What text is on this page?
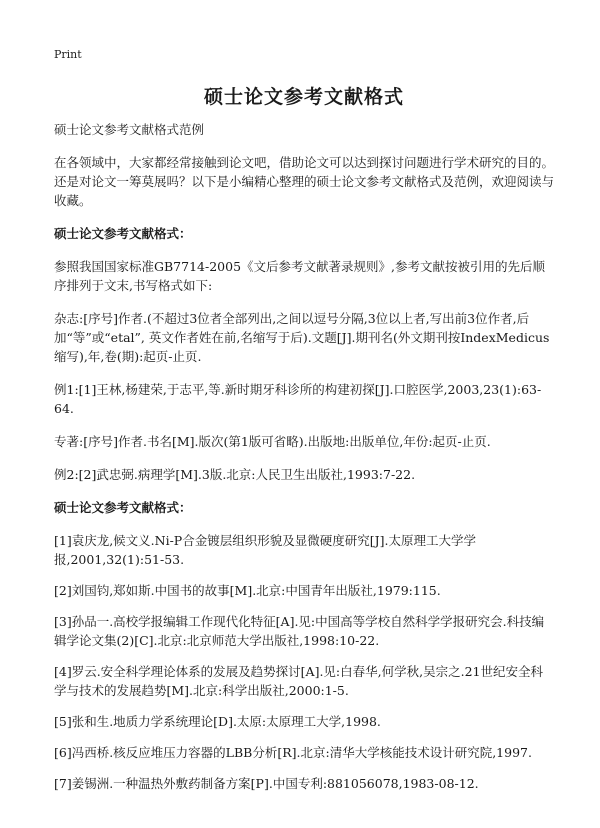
Print
硕士论文参考文献格式

硕士论文参考文献格式范例

在各领域中，大家都经常接触到论文吧，借助论文可以达到探讨问题进行学术研究的目的。还是对论文一筹莫展吗？以下是小编精心整理的硕士论文参考文献格式及范例，欢迎阅读与收藏。

硕士论文参考文献格式：

参照我国国家标准GB7714-2005《文后参考文献著录规则》,参考文献按被引用的先后顺序排列于文末,书写格式如下:

杂志:[序号]作者.(不超过3位者全部列出,之间以逗号分隔,3位以上者,写出前3位作者,后加“等”或“etal”, 英文作者姓在前,名缩写于后).文题[J].期刊名(外文期刊按IndexMedicus 缩写),年,卷(期):起页-止页.

例1:[1]王林,杨建荣,于志平,等.新时期牙科诊所的构建初探[J].口腔医学,2003,23(1):63-64.

专著:[序号]作者.书名[M].版次(第1版可省略).出版地:出版单位,年份:起页-止页.

例2:[2]武忠弼.病理学[M].3版.北京:人民卫生出版社,1993:7-22.

硕士论文参考文献格式：

[1]袁庆龙,候文义.Ni-P合金镀层组织形貌及显微硬度研究[J].太原理工大学学报,2001,32(1):51-53.

[2]刘国钧,郑如斯.中国书的故事[M].北京:中国青年出版社,1979:115.

[3]孙品一.高校学报编辑工作现代化特征[A].见:中国高等学校自然科学学报研究会.科技编辑学论文集(2)[C].北京:北京师范大学出版社,1998:10-22.

[4]罗云.安全科学理论体系的发展及趋势探讨[A].见:白春华,何学秋,吴宗之.21世纪安全科学与技术的发展趋势[M].北京:科学出版社,2000:1-5.

[5]张和生.地质力学系统理论[D].太原:太原理工大学,1998.

[6]冯西桥.核反应堆压力容器的LBB分析[R].北京:清华大学核能技术设计研究院,1997.

[7]姜锡洲.一种温热外敷药制备方案[P].中国专利:881056078,1983-08-12.
